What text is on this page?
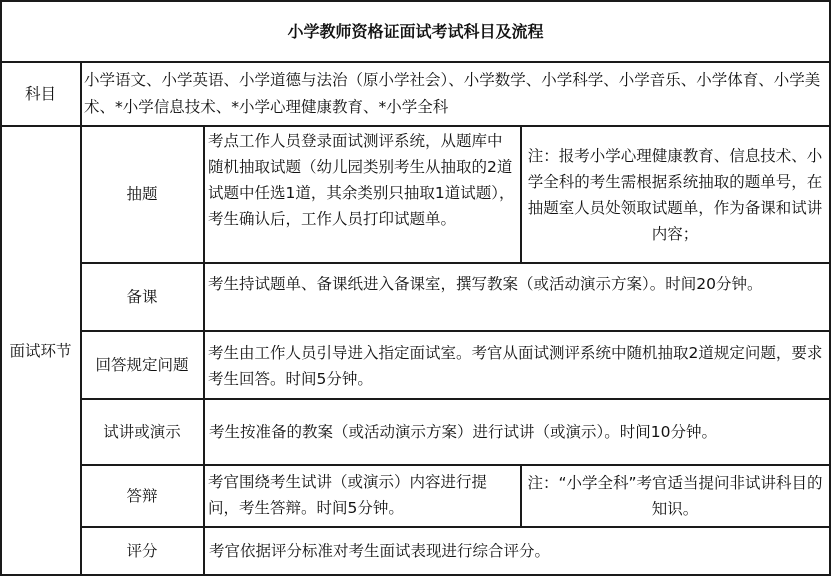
小学教师资格证面试考试科目及流程
科目
小学语文、小学英语、小学道德与法治（原小学社会）、小学数学、小学科学、小学音乐、小学体育、小学美术、*小学信息技术、*小学心理健康教育、*小学全科
面试环节
抽题
考点工作人员登录面试测评系统，从题库中随机抽取试题（幼儿园类别考生从抽取的2道试题中任选1道，其余类别只抽取1道试题），考生确认后，工作人员打印试题单。
注：报考小学心理健康教育、信息技术、小学全科的考生需根据系统抽取的题单号，在抽题室人员处领取试题单，作为备课和试讲内容；
备课
考生持试题单、备课纸进入备课室，撰写教案（或活动演示方案）。时间20分钟。
回答规定问题
考生由工作人员引导进入指定面试室。考官从面试测评系统中随机抽取2道规定问题，要求考生回答。时间5分钟。
试讲或演示 考生按准备的教案（或活动演示方案）进行试讲（或演示）。时间10分钟。
答辩
考官围绕考生试讲（或演示）内容进行提问，考生答辩。时间5分钟。
注：“小学全科”考官适当提问非试讲科目的知识。
评分	考官依据评分标准对考生面试表现进行综合评分。
